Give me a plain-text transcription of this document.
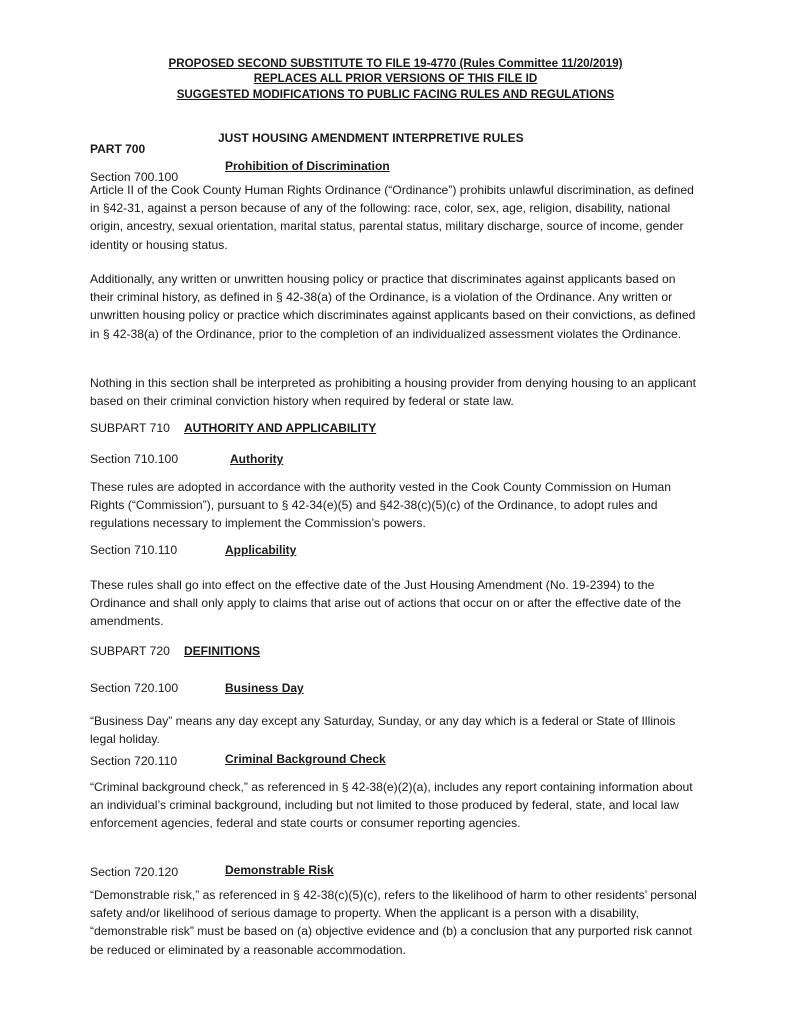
PROPOSED SECOND SUBSTITUTE TO FILE 19-4770 (Rules Committee 11/20/2019)
REPLACES ALL PRIOR VERSIONS OF THIS FILE ID
SUGGESTED MODIFICATIONS TO PUBLIC FACING RULES AND REGULATIONS
PART 700
JUST HOUSING AMENDMENT INTERPRETIVE RULES
Section 700.100
Prohibition of Discrimination

Article II of the Cook County Human Rights Ordinance (“Ordinance”) prohibits unlawful discrimination, as defined in §42-31, against a person because of any of the following: race, color, sex, age, religion, disability, national origin, ancestry, sexual orientation, marital status, parental status, military discharge, source of income, gender identity or housing status.

Additionally, any written or unwritten housing policy or practice that discriminates against applicants based on their criminal history, as defined in § 42-38(a) of the Ordinance, is a violation of the Ordinance. Any written or unwritten housing policy or practice which discriminates against applicants based on their convictions, as defined in § 42-38(a) of the Ordinance, prior to the completion of an individualized assessment violates the Ordinance.

Nothing in this section shall be interpreted as prohibiting a housing provider from denying housing to an applicant based on their criminal conviction history when required by federal or state law.

SUBPART 710 AUTHORITY AND APPLICABILITY
Section 710.100	Authority

These rules are adopted in accordance with the authority vested in the Cook County Commission on Human Rights (“Commission”), pursuant to § 42-34(e)(5) and §42-38(c)(5)(c) of the Ordinance, to adopt rules and regulations necessary to implement the Commission’s powers.

Section 710.110	Applicability

These rules shall go into effect on the effective date of the Just Housing Amendment (No. 19-2394) to the Ordinance and shall only apply to claims that arise out of actions that occur on or after the effective date of the amendments.

SUBPART 720 DEFINITIONS
Section 720.100	Business Day

“Business Day” means any day except any Saturday, Sunday, or any day which is a federal or State of Illinois legal holiday.

Section 720.110	Criminal Background Check

“Criminal background check,” as referenced in § 42-38(e)(2)(a), includes any report containing information about an individual’s criminal background, including but not limited to those produced by federal, state, and local law enforcement agencies, federal and state courts or consumer reporting agencies.

Section 720.120	Demonstrable Risk

“Demonstrable risk,” as referenced in § 42-38(c)(5)(c), refers to the likelihood of harm to other residents’ personal safety and/or likelihood of serious damage to property. When the applicant is a person with a disability, “demonstrable risk” must be based on (a) objective evidence and (b) a conclusion that any purported risk cannot be reduced or eliminated by a reasonable accommodation.
